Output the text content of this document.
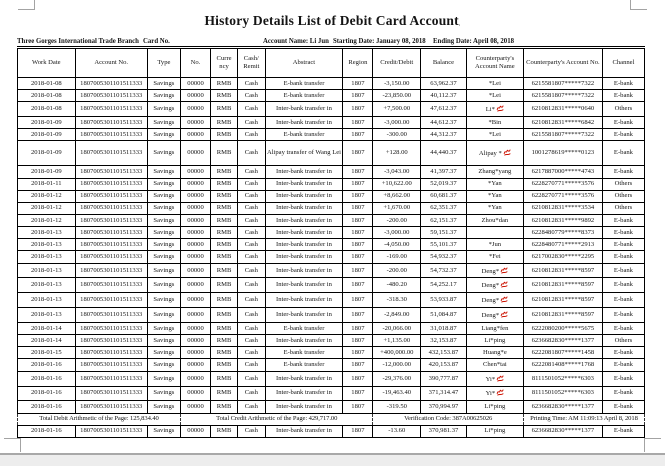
History Details List of Debit Card Account,
Three Gorges International Trade Branch Card No.	Account Name: Li Jun Starting Date: January 08, 2018 Ending Date: April 08, 2018
Work Date	Account No.	Type	No.	Curre ncy	Cash/ Remit	Abstract	Region	Credit/Debit	Balance	Counterparty's Account Name	Counterparty's Account No.	Channel
2018-01-08	1807005301101511333	Savings	00000	RMB	Cash	E-bank transfer	1807	-3,150.00	63,962.37	*Lei	6215581807*****7322	E-bank
2018-01-08	1807005301101511333	Savings	00000	RMB	Cash	E-bank transfer	1807	-23,850.00	40,112.37	*Lei	6215581807*****7322	E-bank
2018-01-08	1807005301101511333	Savings	00000	RMB	Cash	Inter-bank transfer in	1807	+7,500.00	47,612.37	Li*	6210812831*****0640	Others
2018-01-09	1807005301101511333	Savings	00000	RMB	Cash	Inter-bank transfer in	1807	-3,000.00	44,612.37	*Bin	6210812831*****6842	E-bank
2018-01-09	1807005301101511333	Savings	00000	RMB	Cash	E-bank transfer	1807	-300.00	44,312.37	*Lei	6215581807*****7322	E-bank
2018-01-09	1807005301101511333	Savings	00000	RMB	Cash	Alipay transfer of Wang Lei	1807	+128.00	44,440.37	Alipay *	1001278619*****0123	E-bank
2018-01-09	1807005301101511333	Savings	00000	RMB	Cash	Inter-bank transfer in	1807	-3,043.00	41,397.37	Zhang*yang	6217887000*****4743	E-bank
2018-01-11	1807005301101511333	Savings	00000	RMB	Cash	Inter-bank transfer in	1807	+10,622.00	52,019.37	*Yan	6228270771*****3576	Others
2018-01-12	1807005301101511333	Savings	00000	RMB	Cash	Inter-bank transfer in	1807	+8,662.00	60,681.37	*Yan	6228270771*****3576	Others
2018-01-12	1807005301101511333	Savings	00000	RMB	Cash	Inter-bank transfer in	1807	+1,670.00	62,351.37	*Yan	6210812831*****3534	Others
2018-01-12	1807005301101511333	Savings	00000	RMB	Cash	Inter-bank transfer in	1807	-200.00	62,151.37	Zhou*dan	6210812831*****9892	E-bank
2018-01-13	1807005301101511333	Savings	00000	RMB	Cash	Inter-bank transfer in	1807	-3,000.00	59,151.37		6228480779*****8373	E-bank
2018-01-13	1807005301101511333	Savings	00000	RMB	Cash	Inter-bank transfer in	1807	-4,050.00	55,101.37	*Jun	6228480771*****2913	E-bank
2018-01-13	1807005301101511333	Savings	00000	RMB	Cash	Inter-bank transfer in	1807	-169.00	54,932.37	*Fei	6217002830*****2295	E-bank
2018-01-13	1807005301101511333	Savings	00000	RMB	Cash	Inter-bank transfer in	1807	-200.00	54,732.37	Deng*	6210812831*****8597	E-bank
2018-01-13	1807005301101511333	Savings	00000	RMB	Cash	Inter-bank transfer in	1807	-480.20	54,252.17	Deng*	6210812831*****8597	E-bank
2018-01-13	1807005301101511333	Savings	00000	RMB	Cash	Inter-bank transfer in	1807	-318.30	53,933.87	Deng*	6210812831*****8597	E-bank
2018-01-13	1807005301101511333	Savings	00000	RMB	Cash	Inter-bank transfer in	1807	-2,849.00	51,084.87	Deng*	6210812831*****8597	E-bank
2018-01-14	1807005301101511333	Savings	00000	RMB	Cash	E-bank transfer	1807	-20,066.00	31,018.87	Liang*fen	6222080200*****5675	E-bank
2018-01-14	1807005301101511333	Savings	00000	RMB	Cash	Inter-bank transfer in	1807	+1,135.00	32,153.87	Li*ping	6236682830*****1377	Others
2018-01-15	1807005301101511333	Savings	00000	RMB	Cash	E-bank transfer	1807	+400,000.00	432,153.87	Huang*e	6222081807*****1458	E-bank
2018-01-16	1807005301101511333	Savings	00000	RMB	Cash	E-bank transfer	1807	-12,000.00	420,153.87	Chen*tai	6222081408*****1768	E-bank
2018-01-16	1807005301101511333	Savings	00000	RMB	Cash	Inter-bank transfer in	1807	-29,376.00	390,777.87	Yi*	8111501052*****6303	E-bank
2018-01-16	1807005301101511333	Savings	00000	RMB	Cash	Inter-bank transfer in	1807	-19,463.40	371,314.47	Yi*	8111501052*****6303	E-bank
2018-01-16	1807005301101511333	Savings	00000	RMB	Cash	Inter-bank transfer in	1807	-319.50	370,994.97	Li*ping	6236682830*****1377	E-bank
Total Debit Arithmetic of the Page: 125,834.40			Total Credit Arithmetic of the Page: 429,717.00					Verification Code: 387A00625026			Printing Time: AM 11:09:13 April 8, 2018	
2018-01-16	1807005301101511333	Savings	00000	RMB	Cash	Inter-bank transfer in	1807	-13.60	370,981.37	Li*ping	6236682830*****1377	E-bank
